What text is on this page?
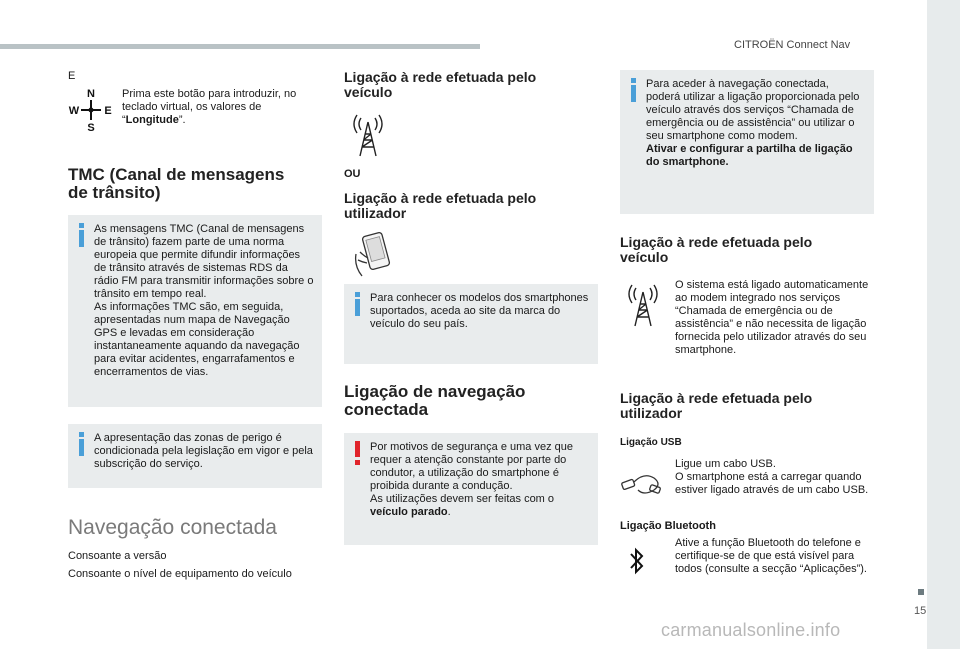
CITROËN Connect Nav
15
carmanualsonline.info
E
N
W E
S
Prima este botão para introduzir, no teclado virtual, os valores de “Longitude”.
TMC (Canal de mensagens
de trânsito)

As mensagens TMC (Canal de mensagens de trânsito) fazem parte de uma norma europeia que permite difundir informações de trânsito através de sistemas RDS da rádio FM para transmitir informações sobre o trânsito em tempo real.

As informações TMC são, em seguida, apresentadas num mapa de Navegação GPS e levadas em consideração instantaneamente aquando da navegação para evitar acidentes, engarrafamentos e encerramentos de vias.

A apresentação das zonas de perigo é condicionada pela legislação em vigor e pela subscrição do serviço.

Navegação conectada
Consoante a versão
Consoante o nível de equipamento do veículo
Ligação à rede efetuada pelo
veículo
OU
Ligação à rede efetuada pelo
utilizador

Para conhecer os modelos dos smartphones suportados, aceda ao site da marca do veículo do seu país.

Ligação de navegação
conectada

Por motivos de segurança e uma vez que requer a atenção constante por parte do condutor, a utilização do smartphone é proibida durante a condução.

As utilizações devem ser feitas com o veículo parado.

Para aceder à navegação conectada, poderá utilizar a ligação proporcionada pelo veículo através dos serviços “Chamada de emergência ou de assistência” ou utilizar o seu smartphone como modem.

Ativar e configurar a partilha de ligação do smartphone.

Ligação à rede efetuada pelo
veículo
O sistema está ligado automaticamente ao modem integrado nos serviços “Chamada de emergência ou de assistência” e não necessita de ligação fornecida pelo utilizador através do seu smartphone.
Ligação à rede efetuada pelo
utilizador
Ligação USB

Ligue um cabo USB.

O smartphone está a carregar quando estiver ligado através de um cabo USB.

Ligação Bluetooth
Ative a função Bluetooth do telefone e certifique-se de que está visível para todos (consulte a secção “Aplicações”).
